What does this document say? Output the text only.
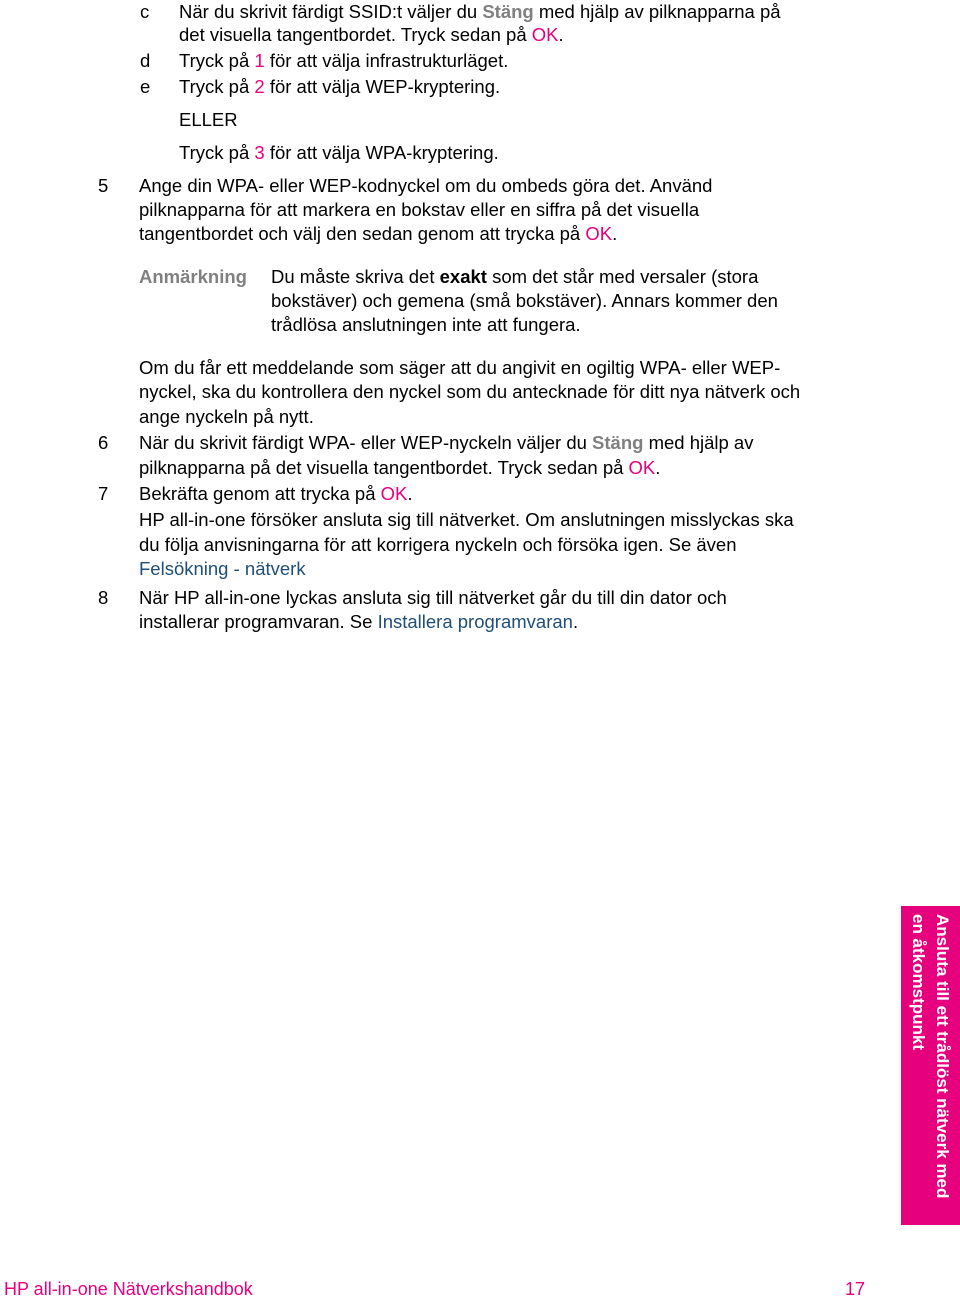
c	När du skrivit färdigt SSID:t väljer du Stäng med hjälp av pilknapparna på
det visuella tangentbordet. Tryck sedan på OK.
d	Tryck på 1 för att välja infrastrukturläget.
e	Tryck på 2 för att välja WEP-kryptering.
ELLER
Tryck på 3 för att välja WPA-kryptering.
5	Ange din WPA- eller WEP-kodnyckel om du ombeds göra det. Använd
pilknapparna för att markera en bokstav eller en siffra på det visuella
tangentbordet och välj den sedan genom att trycka på OK.
Anmärkning Du måste skriva det exakt som det står med versaler (stora
bokstäver) och gemena (små bokstäver). Annars kommer den
trådlösa anslutningen inte att fungera.
Om du får ett meddelande som säger att du angivit en ogiltig WPA- eller WEP-
nyckel, ska du kontrollera den nyckel som du antecknade för ditt nya nätverk och
ange nyckeln på nytt.
6	När du skrivit färdigt WPA- eller WEP-nyckeln väljer du Stäng med hjälp av
pilknapparna på det visuella tangentbordet. Tryck sedan på OK.
7	Bekräfta genom att trycka på OK.
HP all-in-one försöker ansluta sig till nätverket. Om anslutningen misslyckas ska
du följa anvisningarna för att korrigera nyckeln och försöka igen. Se även
Felsökning - nätverk
8	När HP all-in-one lyckas ansluta sig till nätverket går du till din dator och
installerar programvaran. Se Installera programvaran.
Ansluta till ett trådlöst nätverk med en åtkomstpunkt
HP all-in-one Nätverkshandbok	17
